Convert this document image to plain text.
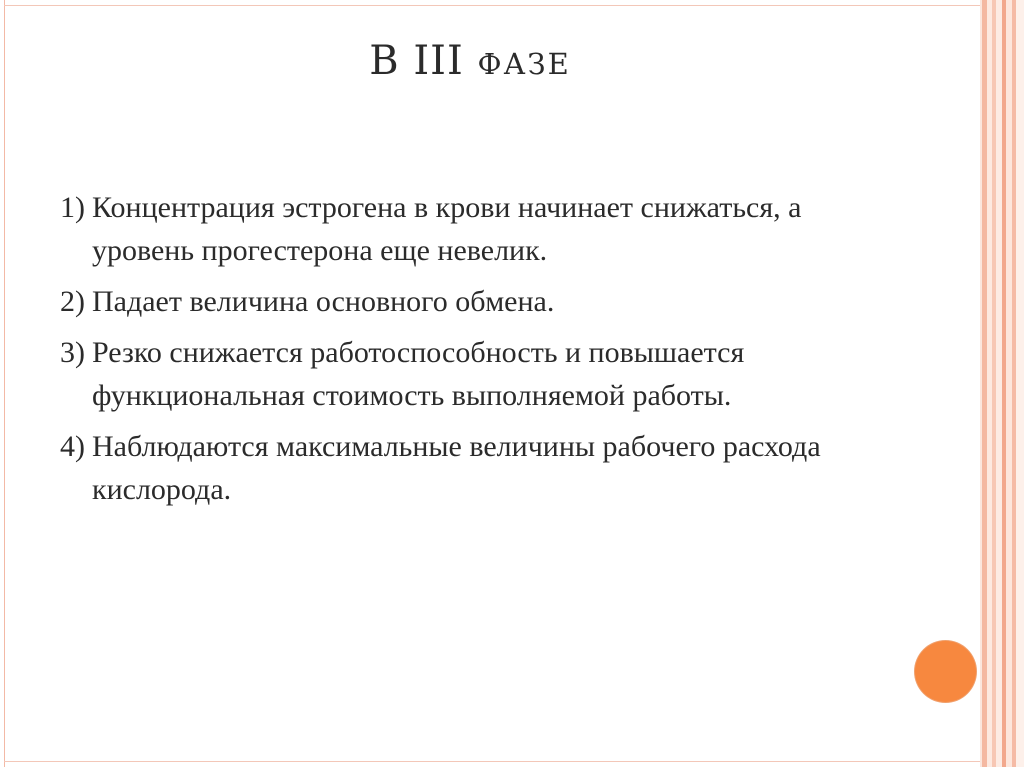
В III ФАЗЕ
1) Концентрация эстрогена в крови начинает снижаться, а уровень прогестерона еще невелик.
2) Падает величина основного обмена.
3) Резко снижается работоспособность и повышается функциональная стоимость выполняемой работы.
4) Наблюдаются максимальные величины рабочего расхода кислорода.
